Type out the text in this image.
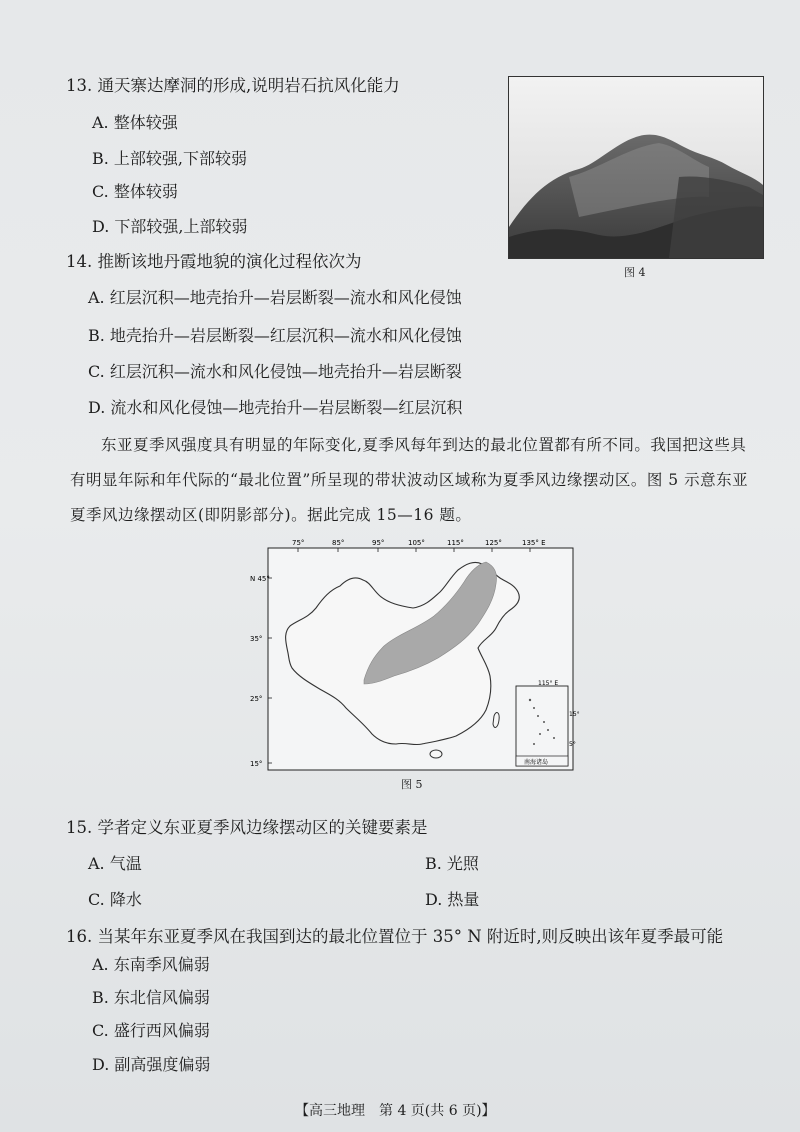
13. 通天寨达摩洞的形成,说明岩石抗风化能力
A. 整体较强
B. 上部较强,下部较弱
C. 整体较弱
D. 下部较强,上部较弱
图 4
14. 推断该地丹霞地貌的演化过程依次为
A. 红层沉积—地壳抬升—岩层断裂—流水和风化侵蚀
B. 地壳抬升—岩层断裂—红层沉积—流水和风化侵蚀
C. 红层沉积—流水和风化侵蚀—地壳抬升—岩层断裂
D. 流水和风化侵蚀—地壳抬升—岩层断裂—红层沉积
东亚夏季风强度具有明显的年际变化,夏季风每年到达的最北位置都有所不同。我国把这些具有明显年际和年代际的“最北位置”所呈现的带状波动区域称为夏季风边缘摆动区。图 5 示意东亚夏季风边缘摆动区(即阴影部分)。据此完成 15—16 题。
75°	85°	95°	105°	115°	125°	135° E
N 45°
35°
25°
15°
115° E
15°
5°
南海诸岛
图 5
15. 学者定义东亚夏季风边缘摆动区的关键要素是
A. 气温	B. 光照
C. 降水	D. 热量
16. 当某年东亚夏季风在我国到达的最北位置位于 35° N 附近时,则反映出该年夏季最可能
A. 东南季风偏弱
B. 东北信风偏弱
C. 盛行西风偏弱
D. 副高强度偏弱
【高三地理　第 4 页(共 6 页)】
